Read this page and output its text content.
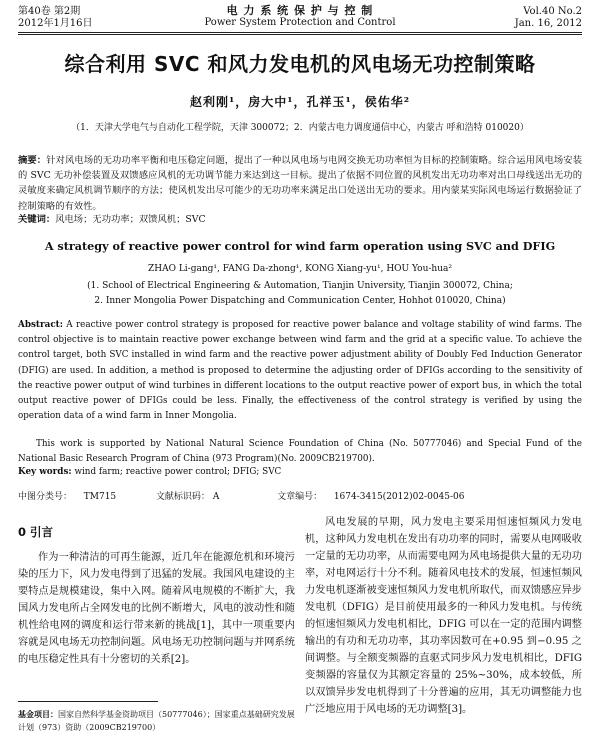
第40卷 第2期
2012年1月16日
电 力 系 统 保 护 与 控 制
Power System Protection and Control
Vol.40 No.2
Jan. 16, 2012
综合利用 SVC 和风力发电机的风电场无功控制策略
赵利刚¹，房大中¹，孔祥玉¹，侯佑华²
（1．天津大学电气与自动化工程学院，天津 300072；2．内蒙古电力调度通信中心，内蒙古 呼和浩特 010020）
摘要：针对风电场的无功功率平衡和电压稳定问题，提出了一种以风电场与电网交换无功功率恒为目标的控制策略。综合运用风电场安装的 SVC 无功补偿装置及双馈感应风机的无功调节能力来达到这一目标。提出了依据不同位置的风机发出无功功率对出口母线送出无功的灵敏度来确定风机调节顺序的方法；使风机发出尽可能少的无功功率来满足出口处送出无功的要求。用内蒙某实际风电场运行数据验证了控制策略的有效性。
关键词：风电场；无功功率；双馈风机；SVC
A strategy of reactive power control for wind farm operation using SVC and DFIG
ZHAO Li-gang¹, FANG Da-zhong¹, KONG Xiang-yu¹, HOU You-hua²
(1. School of Electrical Engineering & Automation, Tianjin University, Tianjin 300072, China;
2. Inner Mongolia Power Dispatching and Communication Center, Hohhot 010020, China)
Abstract: A reactive power control strategy is proposed for reactive power balance and voltage stability of wind farms. The control objective is to maintain reactive power exchange between wind farm and the grid at a specific value. To achieve the control target, both SVC installed in wind farm and the reactive power adjustment ability of Doubly Fed Induction Generator (DFIG) are used. In addition, a method is proposed to determine the adjusting order of DFIGs according to the sensitivity of the reactive power output of wind turbines in different locations to the output reactive power of export bus, in which the total output reactive power of DFIGs could be less. Finally, the effectiveness of the control strategy is verified by using the operation data of a wind farm in Inner Mongolia.
This work is supported by National Natural Science Foundation of China (No. 50777046) and Special Fund of the National Basic Research Program of China (973 Program)(No. 2009CB219700).
Key words: wind farm; reactive power control; DFIG; SVC
中图分类号： TM715	文献标识码： A	文章编号： 1674-3415(2012)02-0045-06
0 引言

作为一种清洁的可再生能源，近几年在能源危机和环境污染的压力下，风力发电得到了迅猛的发展。我国风电建设的主要特点是规模建设，集中入网。随着风电规模的不断扩大，我国风力发电所占全网发电的比例不断增大，风电的波动性和随机性给电网的调度和运行带来新的挑战[1]，其中一项重要内容就是风电场无功控制问题。风电场无功控制问题与并网系统的电压稳定性具有十分密切的关系[2]。

风电发展的早期，风力发电主要采用恒速恒频风力发电机，这种风力发电机在发出有功功率的同时，需要从电网吸收一定量的无功功率，从而需要电网为风电场提供大量的无功功率，对电网运行十分不利。随着风电技术的发展，恒速恒频风力发电机逐渐被变速恒频风力发电机所取代，而双馈感应异步发电机（DFIG）是目前使用最多的一种风力发电机。与传统的恒速恒频风力发电机相比，DFIG 可以在一定的范围内调整输出的有功和无功功率，其功率因数可在+0.95 到−0.95 之间调整。与全额变频器的直驱式同步风力发电机相比，DFIG变频器的容量仅为其额定容量的 25%~30%，成本较低，所以双馈异步发电机得到了十分普遍的应用，其无功调整能力也广泛地应用于风电场的无功调整[3]。

基金项目：国家自然科学基金资助项目（50777046）；国家重点基础研究发展计划（973）资助（2009CB219700）
